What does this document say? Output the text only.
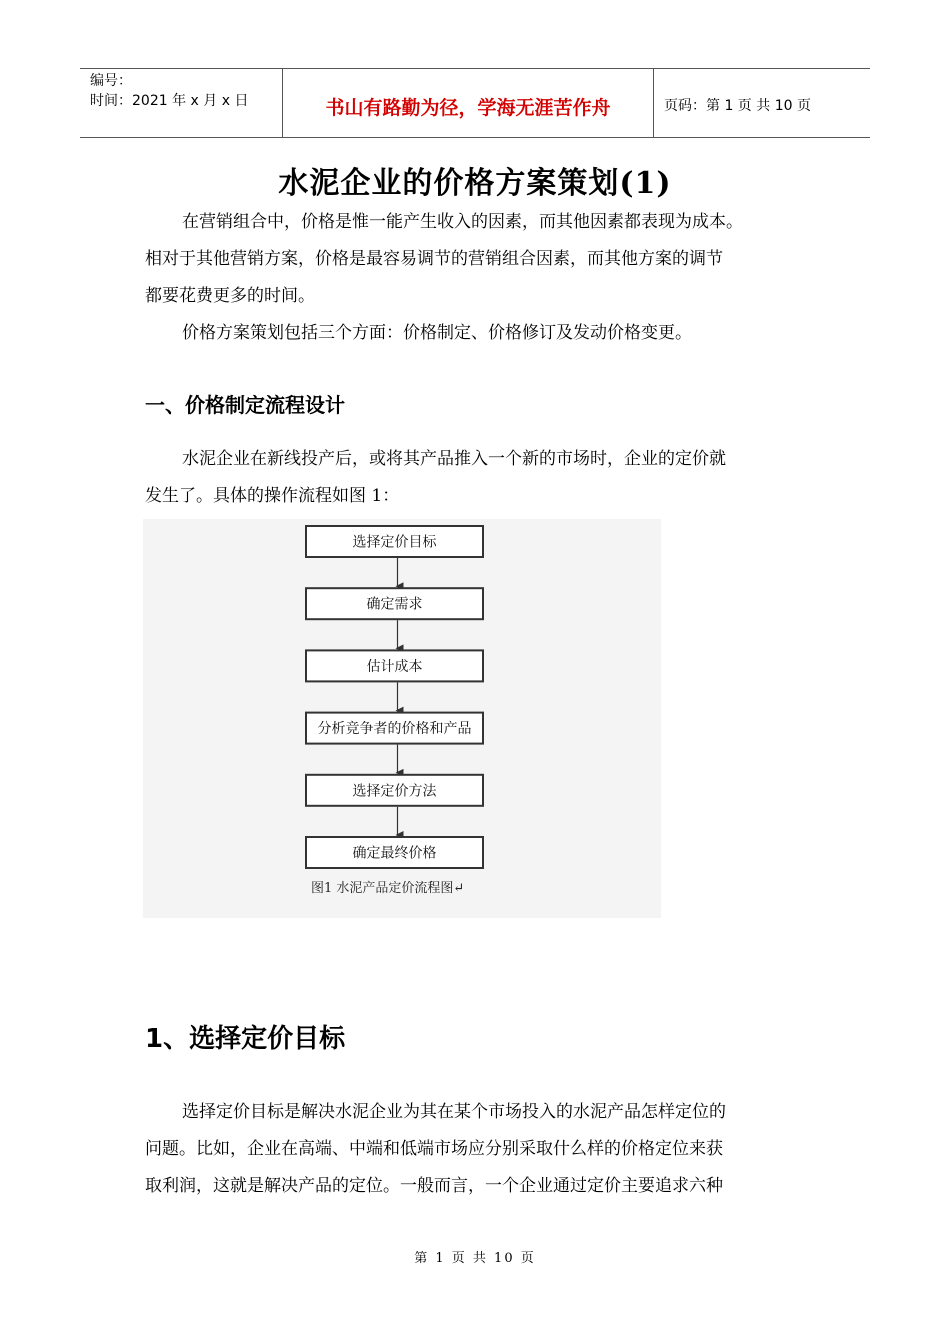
编号：
时间：2021 年 x 月 x 日	书山有路勤为径，学海无涯苦作舟	页码：第 1 页 共 10 页
水泥企业的价格方案策划(1)

在营销组合中，价格是惟一能产生收入的因素，而其他因素都表现为成本。

相对于其他营销方案，价格是最容易调节的营销组合因素，而其他方案的调节

都要花费更多的时间。

价格方案策划包括三个方面：价格制定、价格修订及发动价格变更。

一、价格制定流程设计

水泥企业在新线投产后，或将其产品推入一个新的市场时，企业的定价就

发生了。具体的操作流程如图 1：

选择定价目标
确定需求
估计成本
分析竞争者的价格和产品
选择定价方法
确定最终价格
图1 水泥产品定价流程图↵
1、选择定价目标

选择定价目标是解决水泥企业为其在某个市场投入的水泥产品怎样定位的

问题。比如，企业在高端、中端和低端市场应分别采取什么样的价格定位来获

取利润，这就是解决产品的定位。一般而言，一个企业通过定价主要追求六种

第 1 页 共 10 页
